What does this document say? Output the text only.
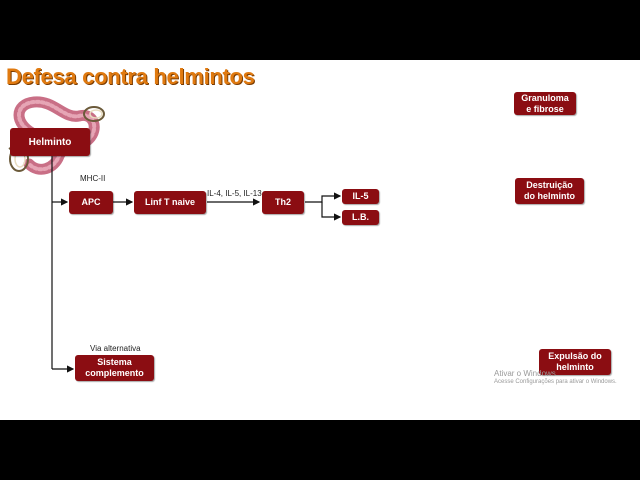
Defesa contra helmintos
Helminto
MHC-II
IL-4, IL-5, IL-13
Via alternativa
APC	Linf T naive	Th2
IL-5
L.B.
Sistema
complemento
Granuloma
e fibrose
Destruição
do helminto
Expulsão do
helminto
Ativar o Windows
Acesse Configurações para ativar o Windows.
